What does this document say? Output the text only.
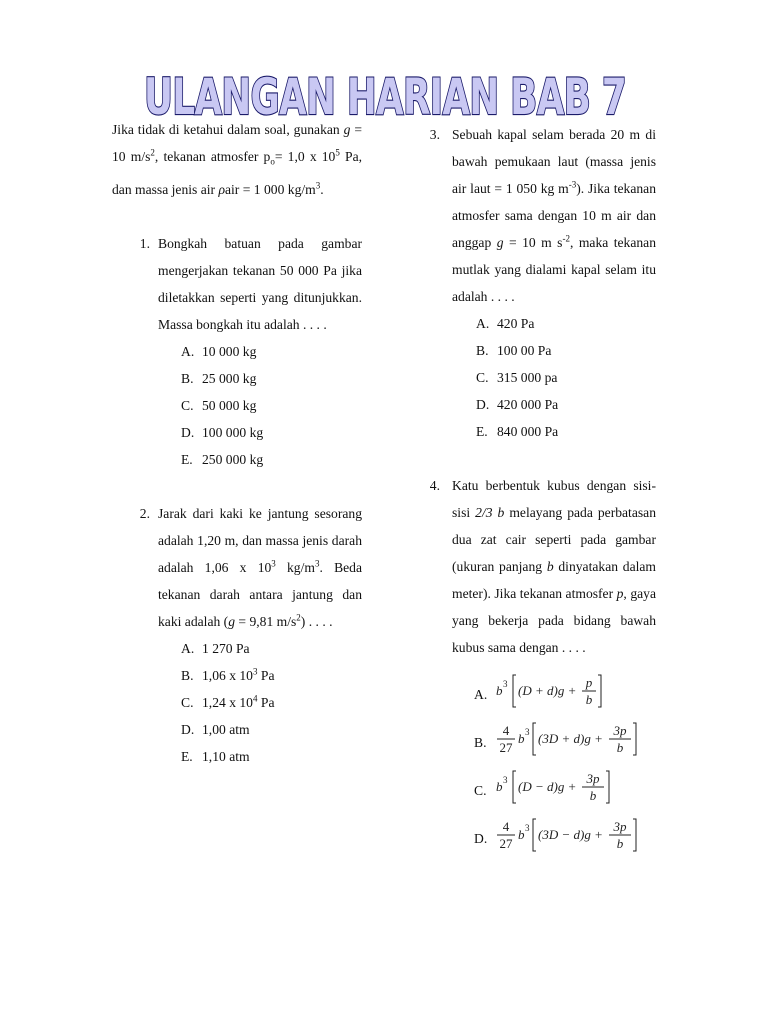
ULANGAN HARIAN BAB 7

Jika tidak di ketahui dalam soal, gunakan g = 10 $m/s^2$, tekanan atmosfer $p_o= 1,0$ x $10^5$ Pa, dan massa jenis air ρair = 1 000 $kg/m^3$.

1. Bongkah batuan pada gambar mengerjakan tekanan 50 000 Pa jika diletakkan seperti yang ditunjukkan. Massa bongkah itu adalah . . . .

A. 10 000 kg
B. 25 000 kg
C. 50 000 kg
D. 100 000 kg
E. 250 000 kg
2. Jarak dari kaki ke jantung sesorang adalah 1,20 m, dan massa jenis darah adalah 1,06 x $10^3$ $kg/m^3$. Beda tekanan darah antara jantung dan kaki adalah (g = 9,81 $m/s^2$) . . . .

A. 1 270 Pa
B. 1,06 x $10^3$ Pa
C. 1,24 x $10^4$ Pa
D. 1,00 atm
E. 1,10 atm
3. Sebuah kapal selam berada 20 m di bawah pemukaan laut (massa jenis air laut = 1 050 kg $m^{-3}$). Jika tekanan atmosfer sama dengan 10 m air dan anggap g = 10 m $s^{-2}$, maka tekanan mutlak yang dialami kapal selam itu adalah . . . .

A. 420 Pa
B. 100 00 Pa
C. 315 000 pa
D. 420 000 Pa
E. 840 000 Pa
4. Katu berbentuk kubus dengan sisi-sisi 2/3 b melayang pada perbatasan dua zat cair seperti pada gambar (ukuran panjang b dinyatakan dalam meter). Jika tekanan atmosfer p, gaya yang bekerja pada bidang bawah kubus sama dengan . . . .

A. b 3 (D + d)g +
p
b
B.
4
27
b 3 (3D + d)g +
3p
b
C. b 3 (D − d)g +
3p
b
D.
4
27
b 3 (3D − d)g +
3p
b
